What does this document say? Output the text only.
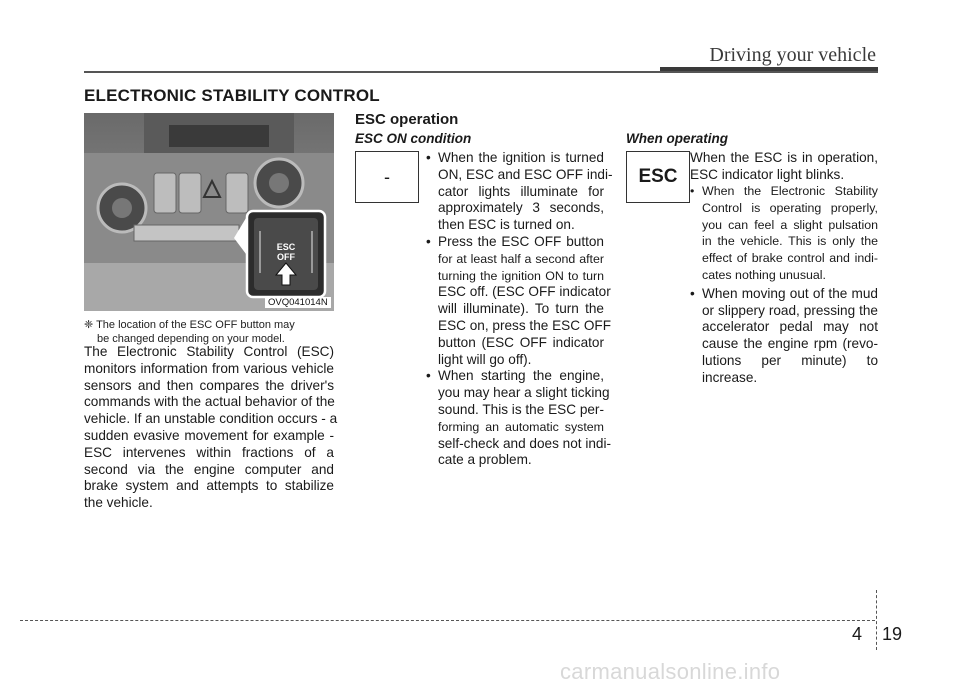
Driving your vehicle
ELECTRONIC STABILITY CONTROL
ESC
OFF
OVQ041014N
❈ The location of the ESC OFF button may
be changed depending on your model.
The Electronic Stability Control (ESC)
monitors information from various vehicle
sensors and then compares the driver's
commands with the actual behavior of the
vehicle. If an unstable condition occurs - a
sudden evasive movement for example -
ESC intervenes within fractions of a
second via the engine computer and
brake system and attempts to stabilize
the vehicle.
ESC operation
ESC ON condition
-
• When the ignition is turned
ON, ESC and ESC OFF indi-
cator lights illuminate for
approximately 3 seconds,
then ESC is turned on.
• Press the ESC OFF button
for at least half a second after
turning the ignition ON to turn
ESC off. (ESC OFF indicator
will illuminate). To turn the
ESC on, press the ESC OFF
button (ESC OFF indicator
light will go off).
• When starting the engine,
you may hear a slight ticking
sound. This is the ESC per-
forming an automatic system
self-check and does not indi-
cate a problem.
When operating
ESC
When the ESC is in operation,
ESC indicator light blinks.
• When the Electronic Stability
Control is operating properly,
you can feel a slight pulsation
in the vehicle. This is only the
effect of brake control and indi-
cates nothing unusual.
• When moving out of the mud
or slippery road, pressing the
accelerator pedal may not
cause the engine rpm (revo-
lutions per minute) to
increase.
4 19
carmanualsonline.info
